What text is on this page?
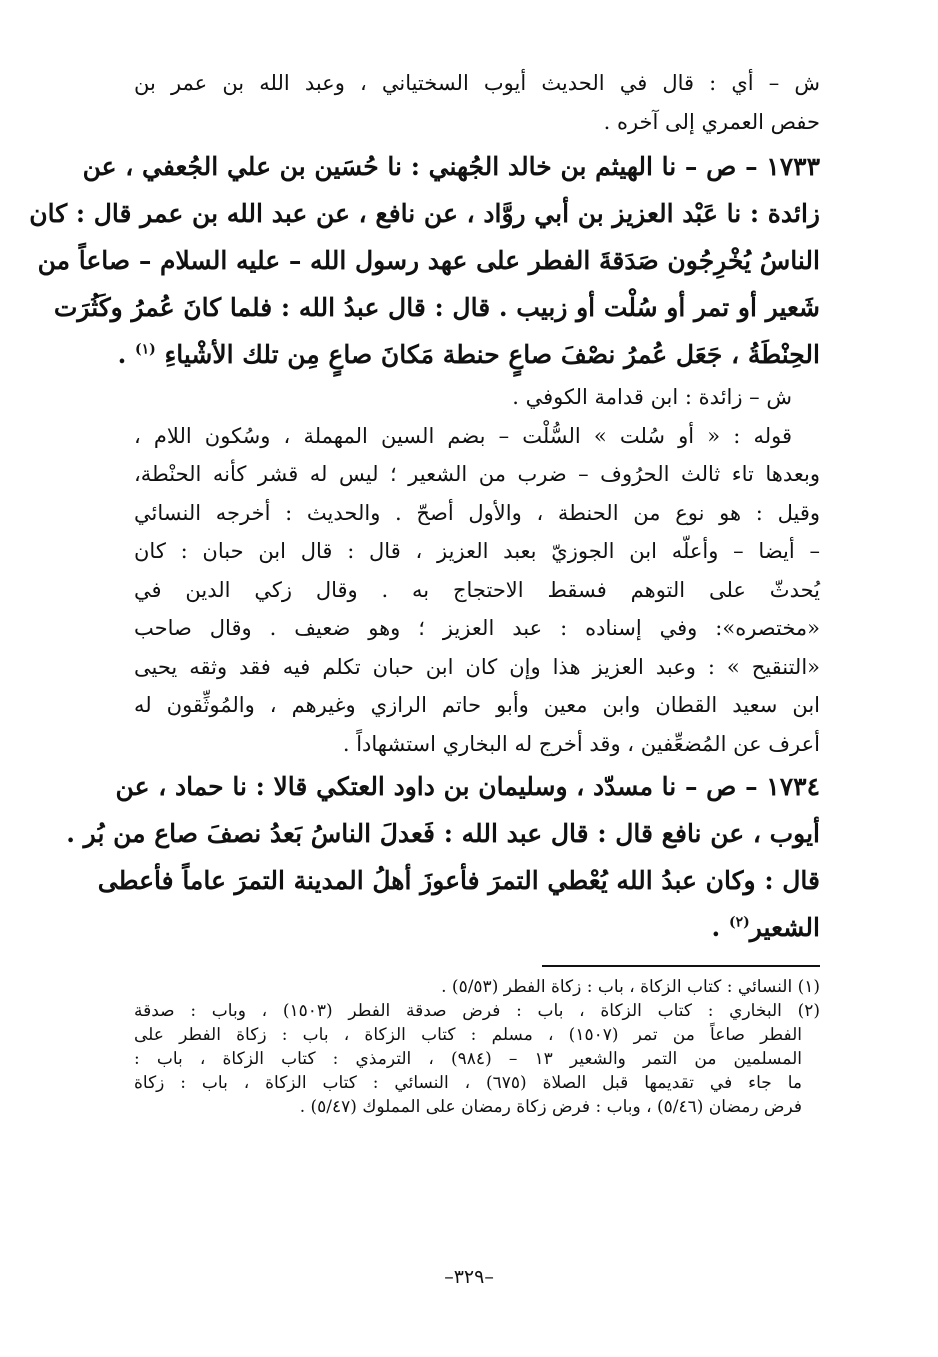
ش – أي : قال في الحديث أيوب السختياني ، وعبد الله بن عمر بن
حفص العمري إلى آخره .
١٧٣٣ – ص – نا الهيثم بن خالد الجُهني : نا حُسَين بن علي الجُعفي ، عن
زائدة : نا عَبْد العزيز بن أبي روَّاد ، عن نافع ، عن عبد الله بن عمر قال : كان
الناسُ يُخْرِجُون صَدَقةَ الفطر على عهد رسول الله – عليه السلام – صاعاً من
شَعير أو تمر أو سُلْت أو زبيب . قال : قال عبدُ الله : فلما كانَ عُمرُ وكَثُرَت
الحِنْطَةُ ، جَعَل عُمرُ نصْفَ صاعٍ حنطة مَكانَ صاعٍ مِن تلك الأشْياءِ $^{(١)}$ .
ش – زائدة : ابن قدامة الكوفي .
قوله : « أو سُلت » السُّلْت – بضم السين المهملة ، وسُكون اللام ،
وبعدها تاء ثالث الحرُوف – ضرب من الشعير ؛ ليس له قشر كأنه الحنْطة،
وقيل : هو نوع من الحنطة ، والأول أصحّ . والحديث : أخرجه النسائي
– أيضا – وأعلّه ابن الجوزيّ بعبد العزيز ، قال : قال ابن حبان : كان
يُحدثّ على التوهم فسقط الاحتجاج به . وقال زكي الدين في
«مختصره»: وفي إسناده : عبد العزيز ؛ وهو ضعيف . وقال صاحب
«التنقيح » : وعبد العزيز هذا وإن كان ابن حبان تكلم فيه فقد وثقه يحيى
ابن سعيد القطان وابن معين وأبو حاتم الرازي وغيرهم ، والمُوثِّقون له
أعرف عن المُضعِّفين ، وقد أخرج له البخاري استشهاداً .
١٧٣٤ – ص – نا مسدّد ، وسليمان بن داود العتكي قالا : نا حماد ، عن
أيوب ، عن نافع قال : قال عبد الله : فَعدلَ الناسُ بَعدُ نصفَ صاع من بُر .
قال : وكان عبدُ الله يُعْطي التمرَ فأعوزَ أهلُ المدينة التمرَ عاماً فأعطى
الشعير$^{(٢)}$ .
(١) النسائي : كتاب الزكاة ، باب : زكاة الفطر (٥/٥٣) .
(٢) البخاري : كتاب الزكاة ، باب : فرض صدقة الفطر (١٥٠٣) ، وباب : صدقة
الفطر صاعاً من تمر (١٥٠٧) ، مسلم : كتاب الزكاة ، باب : زكاة الفطر على
المسلمين من التمر والشعير ١٣ – (٩٨٤) ، الترمذي : كتاب الزكاة ، باب :
ما جاء في تقديمها قبل الصلاة (٦٧٥) ، النسائي : كتاب الزكاة ، باب : زكاة
فرض رمضان (٥/٤٦) ، وباب : فرض زكاة رمضان على المملوك (٥/٤٧) .
–٣٢٩–
